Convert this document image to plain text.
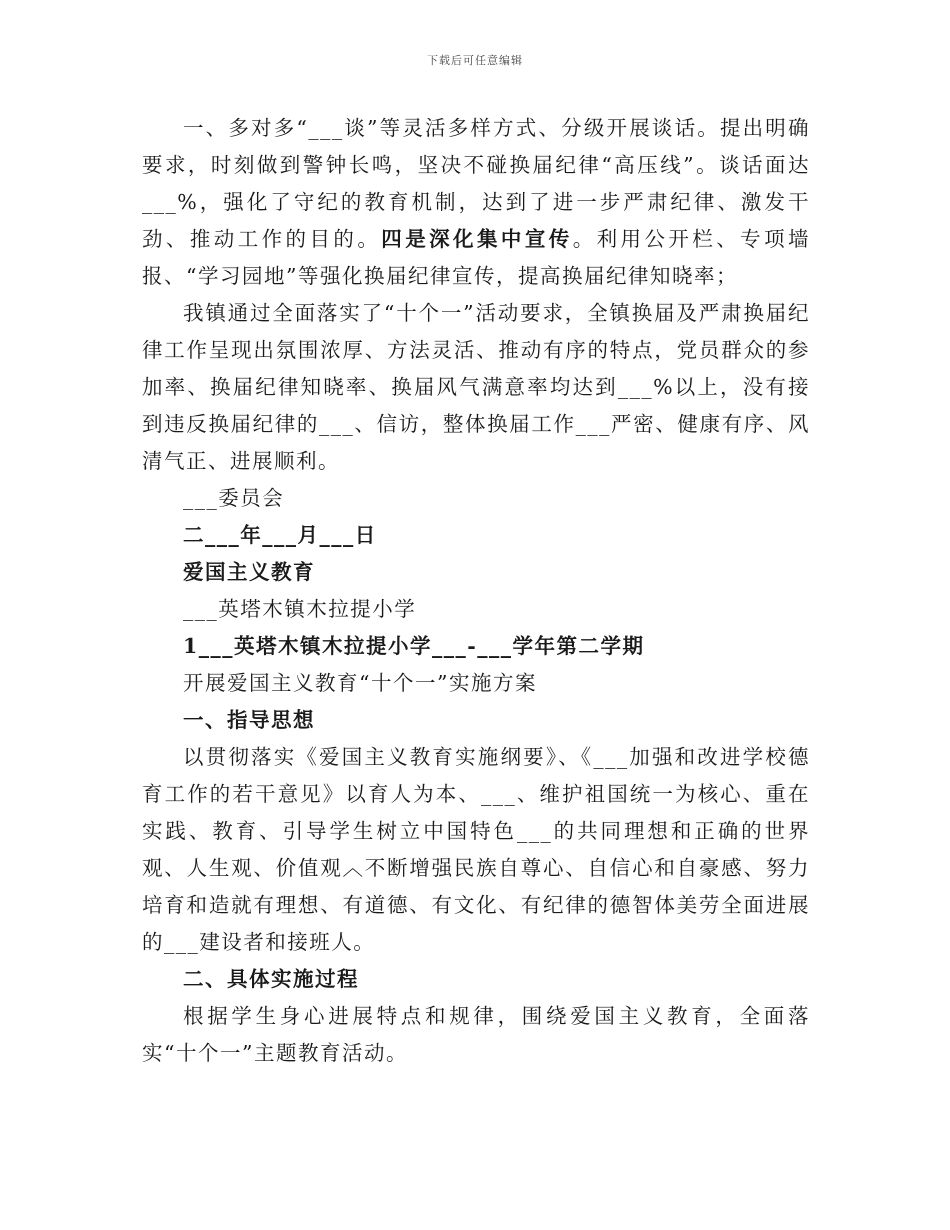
下载后可任意编辑

一、多对多“___谈”等灵活多样方式、分级开展谈话。提出明确要求，时刻做到警钟长鸣，坚决不碰换届纪律“高压线”。谈话面达___%，强化了守纪的教育机制，达到了进一步严肃纪律、激发干劲、推动工作的目的。四是深化集中宣传。利用公开栏、专项墙报、“学习园地”等强化换届纪律宣传，提高换届纪律知晓率；

我镇通过全面落实了“十个一”活动要求，全镇换届及严肃换届纪律工作呈现出氛围浓厚、方法灵活、推动有序的特点，党员群众的参加率、换届纪律知晓率、换届风气满意率均达到___%以上，没有接到违反换届纪律的___、信访，整体换届工作___严密、健康有序、风清气正、进展顺利。

___委员会

二___年___月___日

爱国主义教育

___英塔木镇木拉提小学

1___英塔木镇木拉提小学___-___学年第二学期

开展爱国主义教育“十个一”实施方案

一、指导思想

以贯彻落实《爱国主义教育实施纲要》、《___加强和改进学校德育工作的若干意见》以育人为本、___、维护祖国统一为核心、重在实践、教育、引导学生树立中国特色___的共同理想和正确的世界观、人生观、价值观︿不断增强民族自尊心、自信心和自豪感、努力培育和造就有理想、有道德、有文化、有纪律的德智体美劳全面进展的___建设者和接班人。

二、具体实施过程

根据学生身心进展特点和规律，围绕爱国主义教育，全面落实“十个一”主题教育活动。
